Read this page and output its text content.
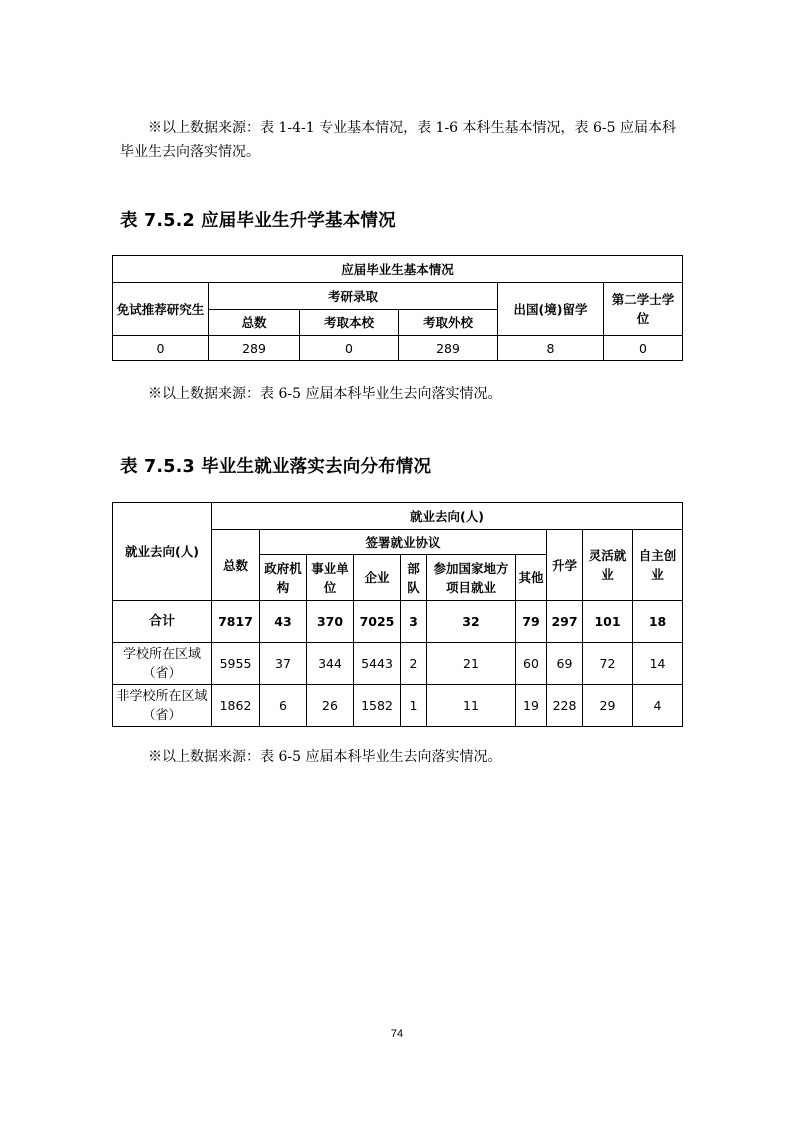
※以上数据来源：表 1-4-1 专业基本情况，表 1-6 本科生基本情况，表 6-5 应届本科毕业生去向落实情况。
表 7.5.2 应届毕业生升学基本情况
应届毕业生基本情况					
免试推荐研究生	考研录取			出国(境)留学	第二学士学位
	总数	考取本校	考取外校		
0	289	0	289	8	0
※以上数据来源：表 6-5 应届本科毕业生去向落实情况。
表 7.5.3 毕业生就业落实去向分布情况
就业去向(人)	就业去向(人)									
	总数	签署就业协议						升学	灵活就业	自主创业
		政府机构	事业单位	企业	部队	参加国家地方项目就业	其他			
合计	7817	43	370	7025	3	32	79	297	101	18
学校所在区域（省）	5955	37	344	5443	2	21	60	69	72	14
非学校所在区域（省）	1862	6	26	1582	1	11	19	228	29	4
※以上数据来源：表 6-5 应届本科毕业生去向落实情况。
74
